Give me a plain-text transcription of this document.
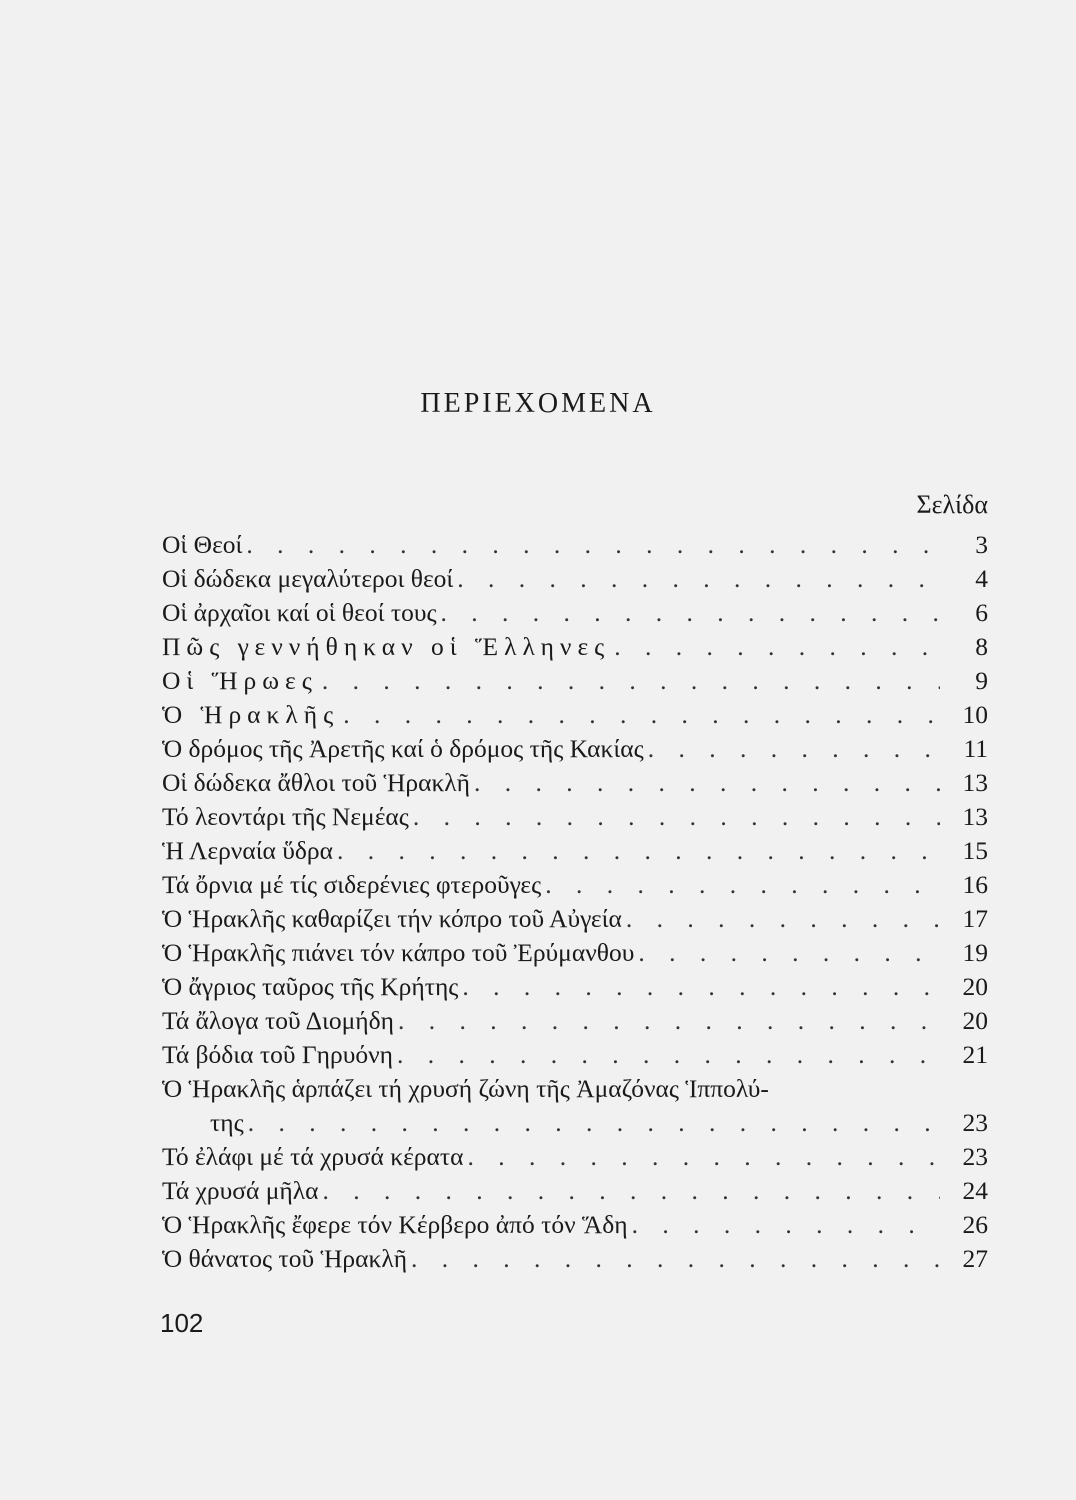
ΠΕΡΙΕΧΟΜΕΝΑ
Σελίδα
Οἱ Θεοί . . .	3
Οἱ δώδεκα μεγαλύτεροι θεοί . . .	4
Οἱ ἀρχαῖοι καί οἱ θεοί τους . . .	6
Πῶς γεννήθηκαν οἱ Ἕλληνες . . .	8
Οἱ Ἥρωες . . .	9
Ὁ Ἡρακλῆς . . .	10
Ὁ δρόμος τῆς Ἀρετῆς καί ὁ δρόμος τῆς Κακίας . . .	11
Οἱ δώδεκα ἄθλοι τοῦ Ἡρακλῆ . . .	13
Τό λεοντάρι τῆς Νεμέας . . .	13
Ἡ Λερναία ὕδρα . . .	15
Τά ὄρνια μέ τίς σιδερένιες φτεροῦγες . . .	16
Ὁ Ἡρακλῆς καθαρίζει τήν κόπρο τοῦ Αὐγεία . . .	17
Ὁ Ἡρακλῆς πιάνει τόν κάπρο τοῦ Ἐρύμανθου . . .	19
Ὁ ἄγριος ταῦρος τῆς Κρήτης . . .	20
Τά ἄλογα τοῦ Διομήδη . . .	20
Τά βόδια τοῦ Γηρυόνη . . .	21
Ὁ Ἡρακλῆς ἁρπάζει τή χρυσή ζώνη τῆς Ἀμαζόνας Ἱππολύ-
της . . .	23
Τό ἐλάφι μέ τά χρυσά κέρατα . . .	23
Τά χρυσά μῆλα . . .	24
Ὁ Ἡρακλῆς ἔφερε τόν Κέρβερο ἀπό τόν Ἅδη . . .	26
Ὁ θάνατος τοῦ Ἡρακλῆ . . .	27
102
